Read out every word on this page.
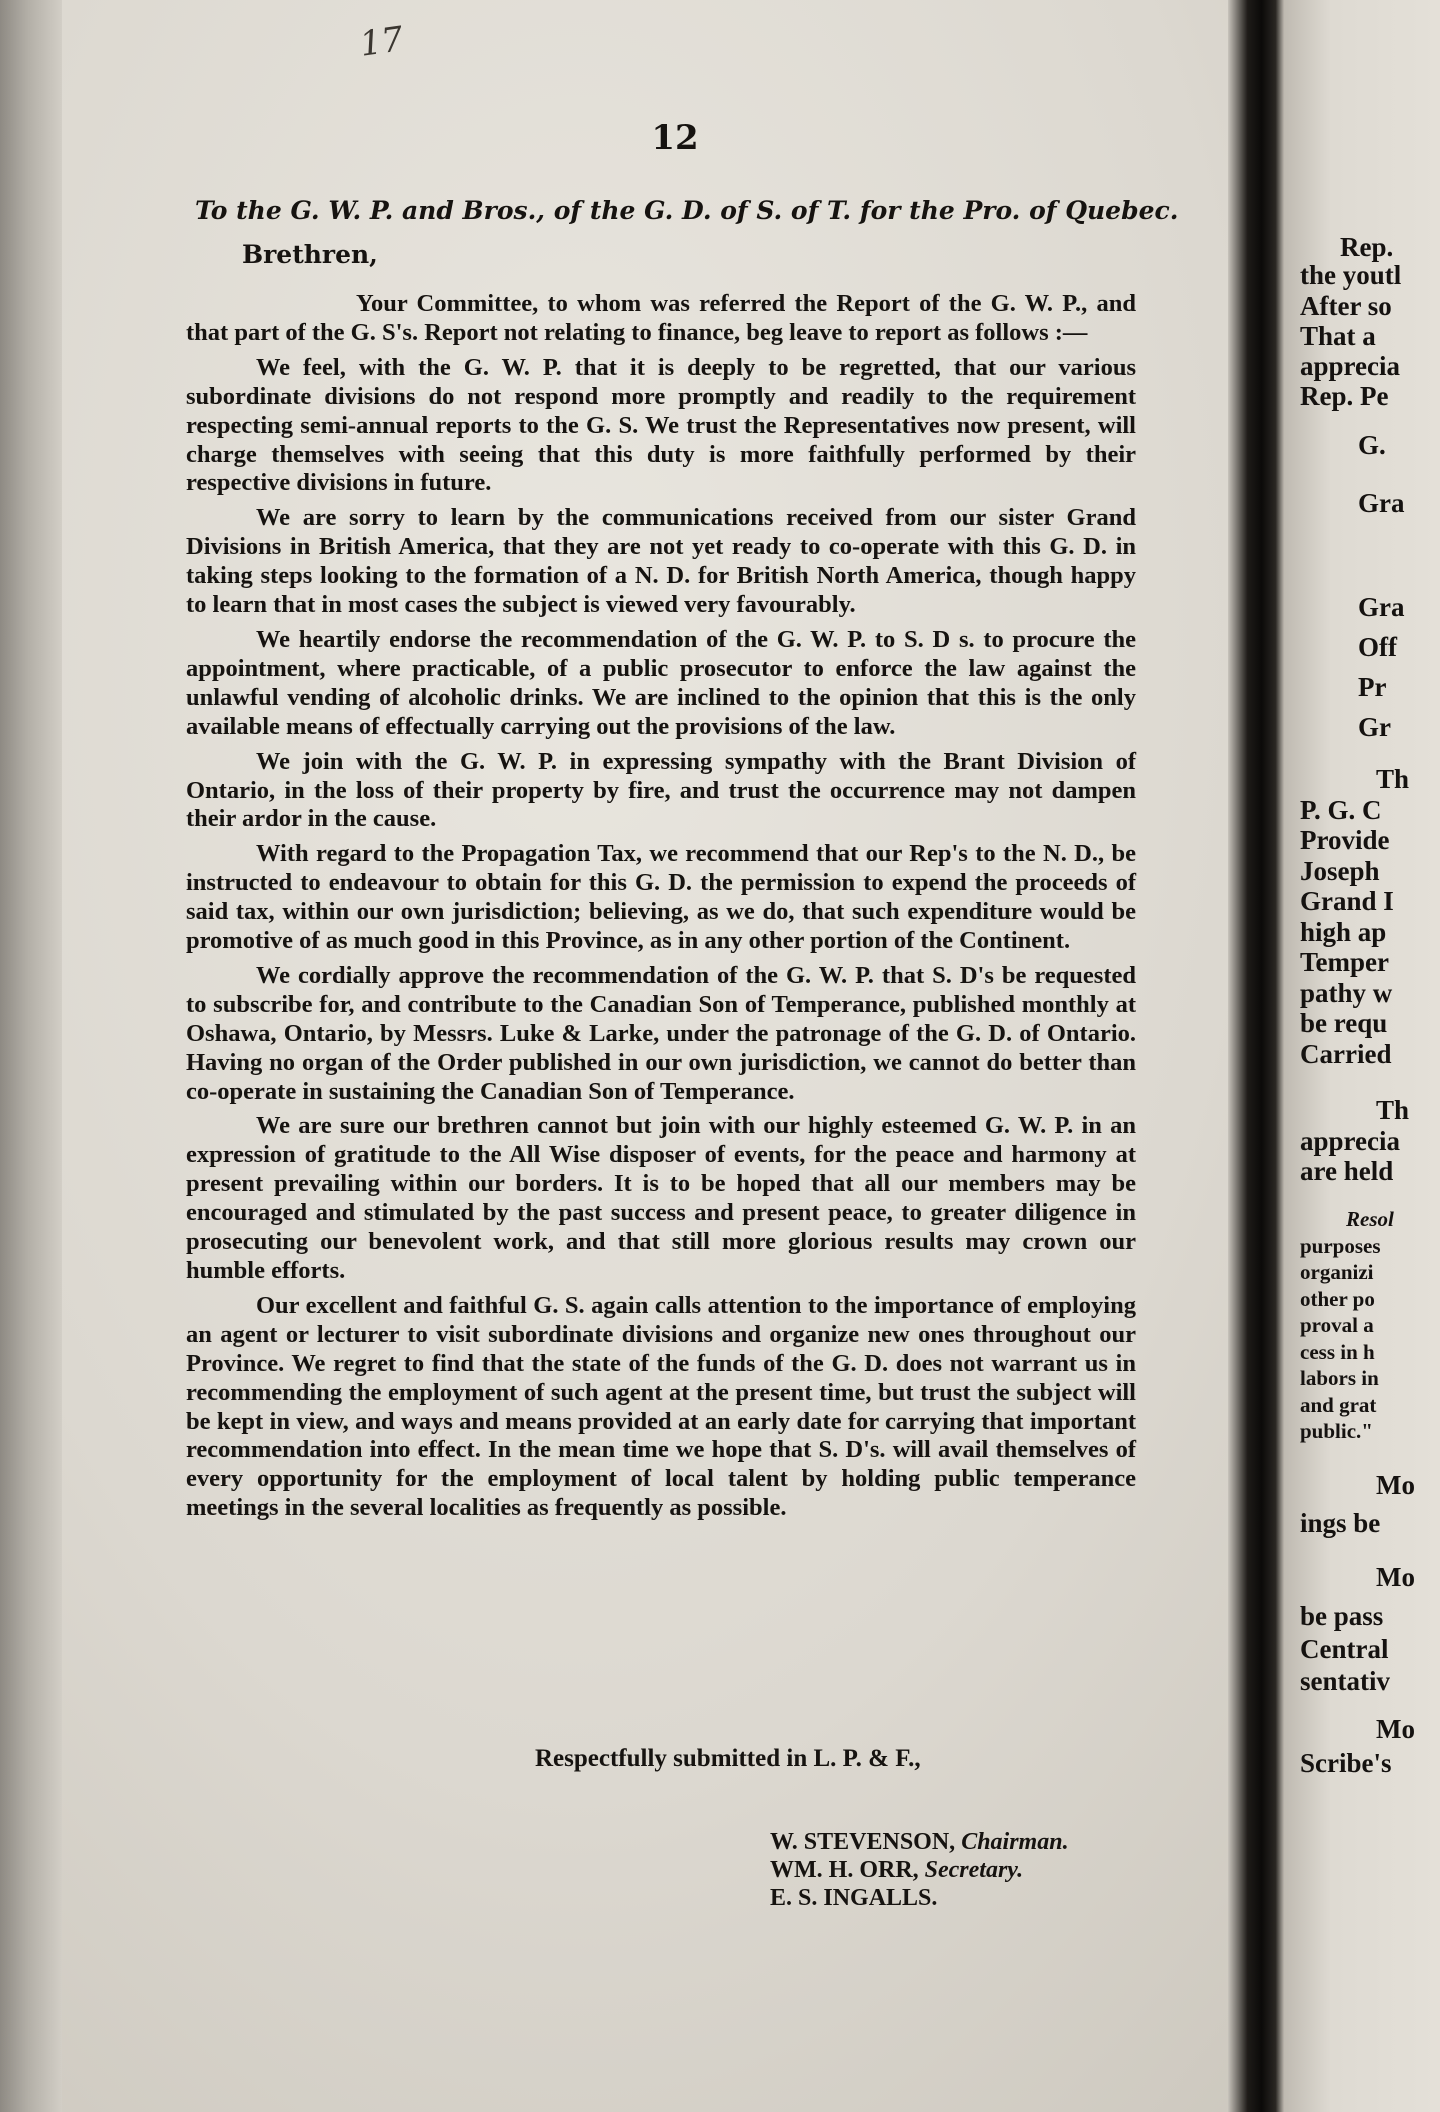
17
12
To the G. W. P. and Bros., of the G. D. of S. of T. for the Pro. of Quebec.
Brethren,

Your Committee, to whom was referred the Report of the G. W. P., and that part of the G. S's. Report not relating to finance, beg leave to report as follows :—

We feel, with the G. W. P. that it is deeply to be regretted, that our various subordinate divisions do not respond more promptly and readily to the requirement respecting semi-annual reports to the G. S. We trust the Representatives now present, will charge themselves with seeing that this duty is more faithfully performed by their respective divisions in future.

We are sorry to learn by the communications received from our sister Grand Divisions in British America, that they are not yet ready to co-operate with this G. D. in taking steps looking to the formation of a N. D. for British North America, though happy to learn that in most cases the subject is viewed very favourably.

We heartily endorse the recommendation of the G. W. P. to S. D s. to procure the appointment, where practicable, of a public prosecutor to enforce the law against the unlawful vending of alcoholic drinks. We are inclined to the opinion that this is the only available means of effectually carrying out the provisions of the law.

We join with the G. W. P. in expressing sympathy with the Brant Division of Ontario, in the loss of their property by fire, and trust the occurrence may not dampen their ardor in the cause.

With regard to the Propagation Tax, we recommend that our Rep's to the N. D., be instructed to endeavour to obtain for this G. D. the permission to expend the proceeds of said tax, within our own jurisdiction; believing, as we do, that such expenditure would be promotive of as much good in this Province, as in any other portion of the Continent.

We cordially approve the recommendation of the G. W. P. that S. D's be requested to subscribe for, and contribute to the Canadian Son of Temperance, published monthly at Oshawa, Ontario, by Messrs. Luke & Larke, under the patronage of the G. D. of Ontario. Having no organ of the Order published in our own jurisdiction, we cannot do better than co-operate in sustaining the Canadian Son of Temperance.

We are sure our brethren cannot but join with our highly esteemed G. W. P. in an expression of gratitude to the All Wise disposer of events, for the peace and harmony at present prevailing within our borders. It is to be hoped that all our members may be encouraged and stimulated by the past success and present peace, to greater diligence in prosecuting our benevolent work, and that still more glorious results may crown our humble efforts.

Our excellent and faithful G. S. again calls attention to the importance of employing an agent or lecturer to visit subordinate divisions and organize new ones throughout our Province. We regret to find that the state of the funds of the G. D. does not warrant us in recommending the employment of such agent at the present time, but trust the subject will be kept in view, and ways and means provided at an early date for carrying that important recommendation into effect. In the mean time we hope that S. D's. will avail themselves of every opportunity for the employment of local talent by holding public temperance meetings in the several localities as frequently as possible.

Respectfully submitted in L. P. & F.,
W. STEVENSON, Chairman.
WM. H. ORR, Secretary.
E. S. INGALLS.
Rep.
the youtl
After so
That a
apprecia
Rep. Pe
G.
Gra
Gra
Off
Pr
Gr
Th
P. G. C
Provide
Joseph
Grand I
high ap
Temper
pathy w
be requ
Carried
Th
apprecia
are held
Resol
purposes
organizi
other po
proval a
cess in h
labors in
and grat
public."
Mo
ings be
Mo
be pass
Central
sentativ
Mo
Scribe's
